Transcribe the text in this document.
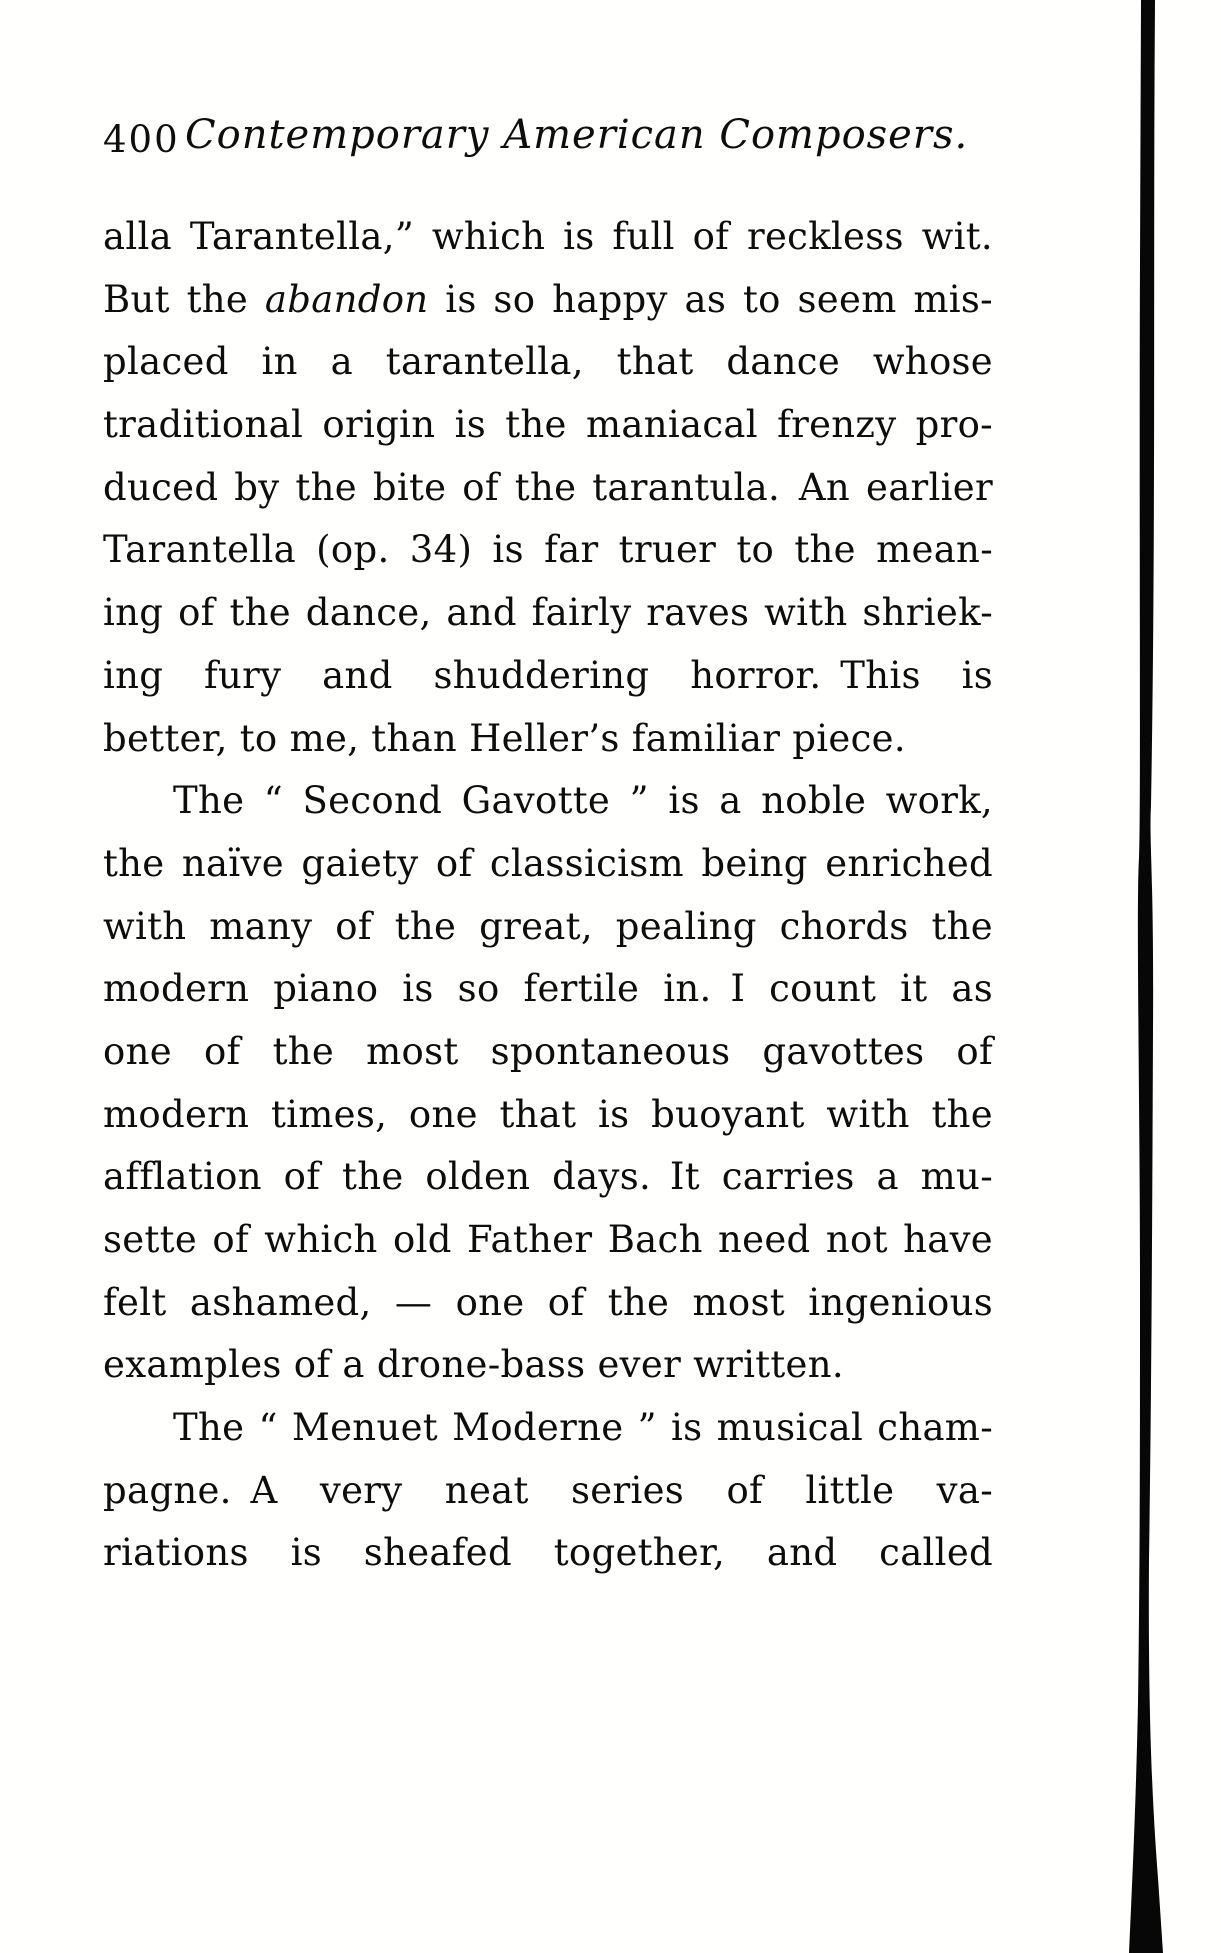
400 Contemporary American Composers.
alla Tarantella,” which is full of reckless wit.
But the abandon is so happy as to seem mis-
placed in a tarantella, that dance whose
traditional origin is the maniacal frenzy pro-
duced by the bite of the tarantula. An earlier
Tarantella (op. 34) is far truer to the mean-
ing of the dance, and fairly raves with shriek-
ing fury and shuddering horror. This is
better, to me, than Heller’s familiar piece.
The “ Second Gavotte ” is a noble work,
the naïve gaiety of classicism being enriched
with many of the great, pealing chords the
modern piano is so fertile in. I count it as
one of the most spontaneous gavottes of
modern times, one that is buoyant with the
afflation of the olden days. It carries a mu-
sette of which old Father Bach need not have
felt ashamed, — one of the most ingenious
examples of a drone-bass ever written.
The “ Menuet Moderne ” is musical cham-
pagne. A very neat series of little va-
riations is sheafed together, and called
